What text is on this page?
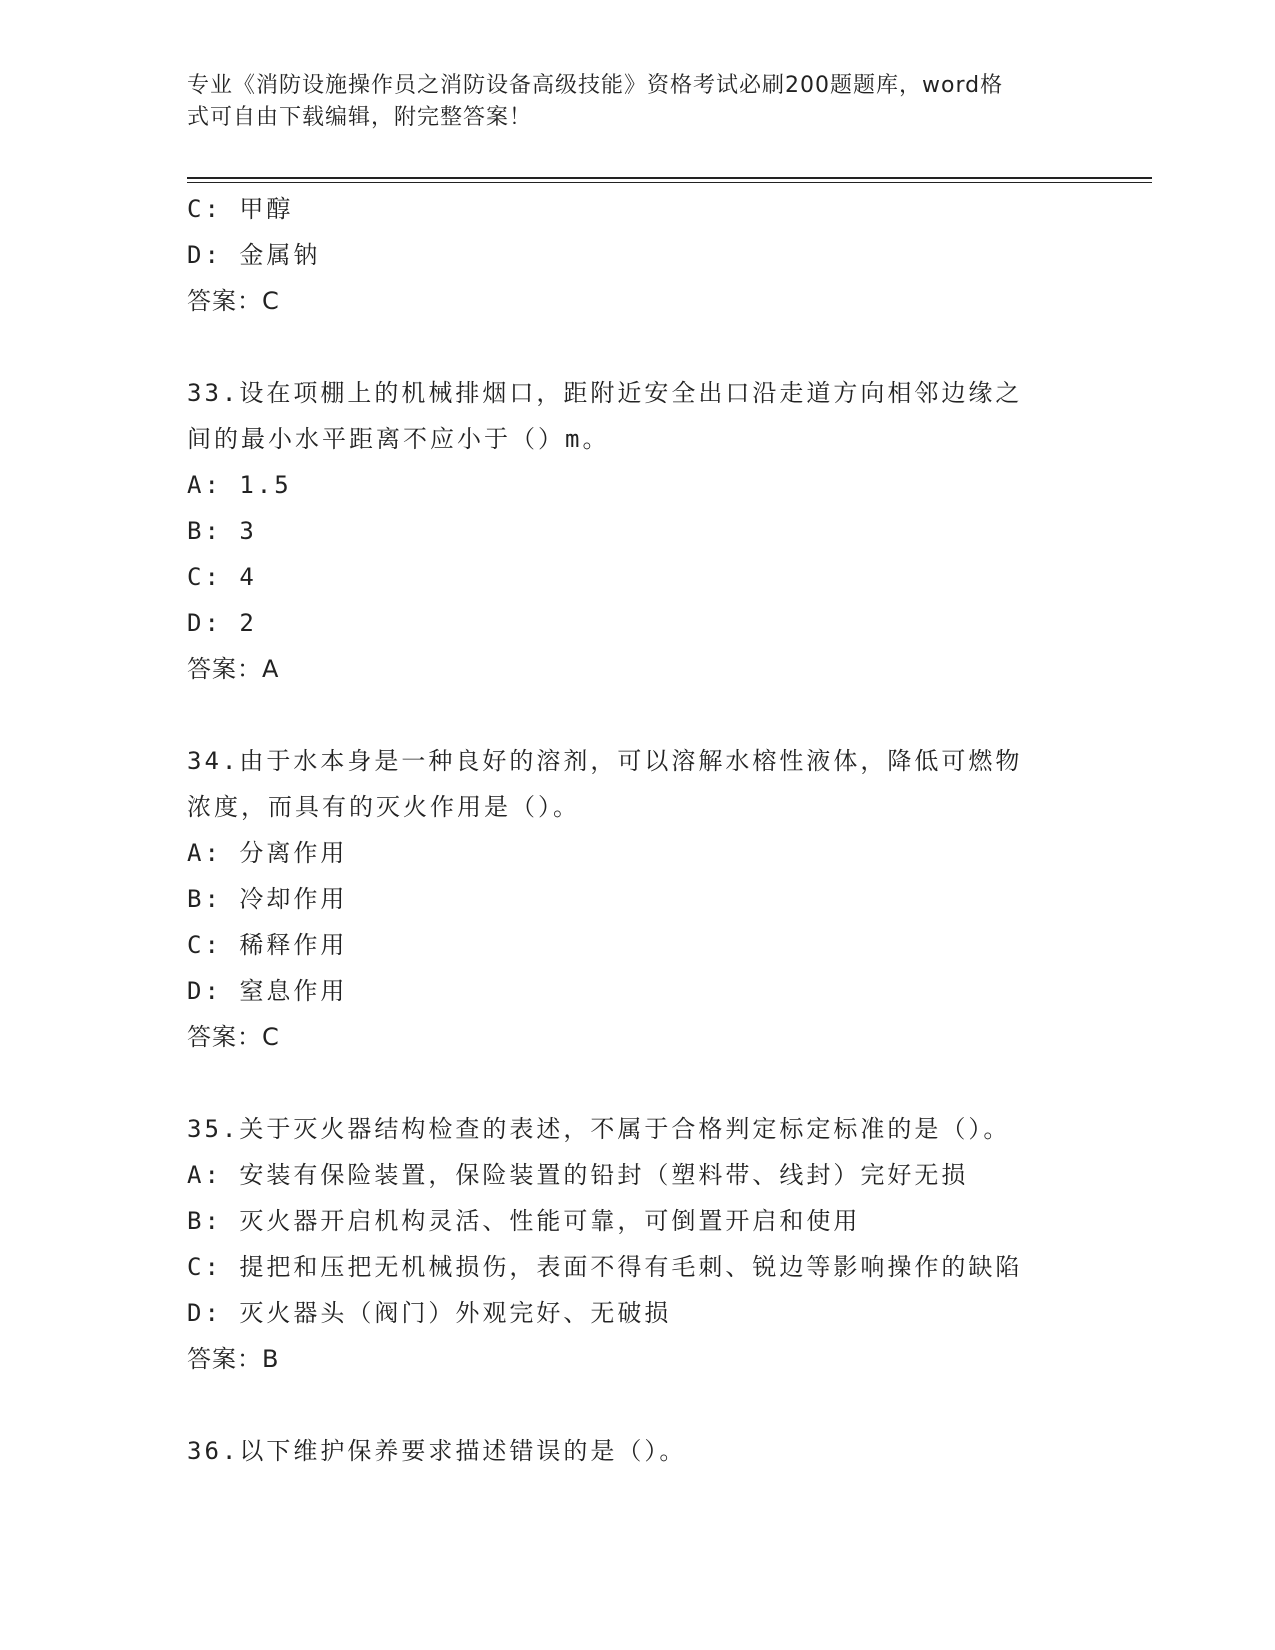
专业《消防设施操作员之消防设备高级技能》资格考试必刷200题题库，word格
式可自由下载编辑，附完整答案！
C: 甲醇
D: 金属钠
答案：C
33.设在项棚上的机械排烟口，距附近安全出口沿走道方向相邻边缘之
间的最小水平距离不应小于（）m。
A: 1.5
B: 3
C: 4
D: 2
答案：A
34.由于水本身是一种良好的溶剂，可以溶解水榕性液体，降低可燃物
浓度，而具有的灭火作用是（）。
A: 分离作用
B: 冷却作用
C: 稀释作用
D: 窒息作用
答案：C
35.关于灭火器结构检查的表述，不属于合格判定标定标准的是（）。
A: 安装有保险装置，保险装置的铅封（塑料带、线封）完好无损
B: 灭火器开启机构灵活、性能可靠，可倒置开启和使用
C: 提把和压把无机械损伤，表面不得有毛刺、锐边等影响操作的缺陷
D: 灭火器头（阀门）外观完好、无破损
答案：B
36.以下维护保养要求描述错误的是（）。
